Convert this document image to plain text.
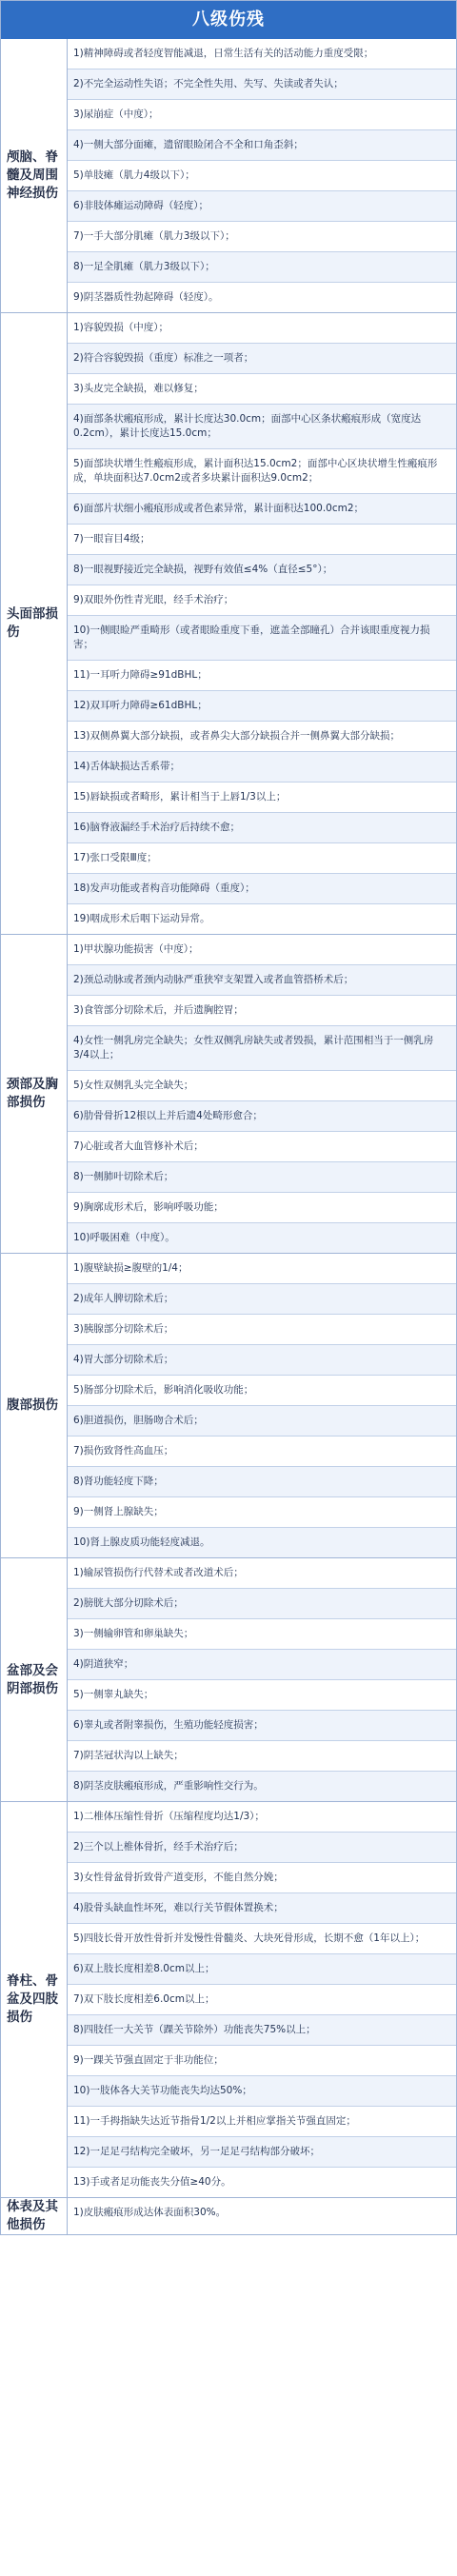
八级伤残
颅脑、脊髓及周围神经损伤
1)精神障碍或者轻度智能减退，日常生活有关的活动能力重度受限；
2)不完全运动性失语；不完全性失用、失写、失读或者失认；
3)尿崩症（中度）；
4)一侧大部分面瘫，遗留眼睑闭合不全和口角歪斜；
5)单肢瘫（肌力4级以下）；
6)非肢体瘫运动障碍（轻度）；
7)一手大部分肌瘫（肌力3级以下）；
8)一足全肌瘫（肌力3级以下）；
9)阴茎器质性勃起障碍（轻度）。
头面部损伤
1)容貌毁损（中度）；
2)符合容貌毁损（重度）标准之一项者；
3)头皮完全缺损，难以修复；
4)面部条状瘢痕形成，累计长度达30.0cm；面部中心区条状瘢痕形成（宽度达0.2cm），累计长度达15.0cm；
5)面部块状增生性瘢痕形成，累计面积达15.0cm2；面部中心区块状增生性瘢痕形成，单块面积达7.0cm2或者多块累计面积达9.0cm2；
6)面部片状细小瘢痕形成或者色素异常，累计面积达100.0cm2；
7)一眼盲目4级；
8)一眼视野接近完全缺损，视野有效值≤4%（直径≤5°）；
9)双眼外伤性青光眼，经手术治疗；
10)一侧眼睑严重畸形（或者眼睑重度下垂，遮盖全部瞳孔）合并该眼重度视力损害；
11)一耳听力障碍≥91dBHL；
12)双耳听力障碍≥61dBHL；
13)双侧鼻翼大部分缺损，或者鼻尖大部分缺损合并一侧鼻翼大部分缺损；
14)舌体缺损达舌系带；
15)唇缺损或者畸形，累计相当于上唇1/3以上；
16)脑脊液漏经手术治疗后持续不愈；
17)张口受限Ⅲ度；
18)发声功能或者构音功能障碍（重度）；
19)咽成形术后咽下运动异常。
颈部及胸部损伤
1)甲状腺功能损害（中度）；
2)颈总动脉或者颈内动脉严重狭窄支架置入或者血管搭桥术后；
3)食管部分切除术后，并后遗胸腔胃；
4)女性一侧乳房完全缺失；女性双侧乳房缺失或者毁损，累计范围相当于一侧乳房3/4以上；
5)女性双侧乳头完全缺失；
6)肋骨骨折12根以上并后遗4处畸形愈合；
7)心脏或者大血管修补术后；
8)一侧肺叶切除术后；
9)胸廓成形术后，影响呼吸功能；
10)呼吸困难（中度）。
腹部损伤
1)腹壁缺损≥腹壁的1/4；
2)成年人脾切除术后；
3)胰腺部分切除术后；
4)胃大部分切除术后；
5)肠部分切除术后，影响消化吸收功能；
6)胆道损伤，胆肠吻合术后；
7)损伤致肾性高血压；
8)肾功能轻度下降；
9)一侧肾上腺缺失；
10)肾上腺皮质功能轻度减退。
盆部及会阴部损伤
1)输尿管损伤行代替术或者改道术后；
2)膀胱大部分切除术后；
3)一侧输卵管和卵巢缺失；
4)阴道狭窄；
5)一侧睾丸缺失；
6)睾丸或者附睾损伤，生殖功能轻度损害；
7)阴茎冠状沟以上缺失；
8)阴茎皮肤瘢痕形成，严重影响性交行为。
脊柱、骨盆及四肢损伤
1)二椎体压缩性骨折（压缩程度均达1/3）；
2)三个以上椎体骨折，经手术治疗后；
3)女性骨盆骨折致骨产道变形，不能自然分娩；
4)股骨头缺血性坏死，难以行关节假体置换术；
5)四肢长骨开放性骨折并发慢性骨髓炎、大块死骨形成，长期不愈（1年以上）；
6)双上肢长度相差8.0cm以上；
7)双下肢长度相差6.0cm以上；
8)四肢任一大关节（踝关节除外）功能丧失75%以上；
9)一踝关节强直固定于非功能位；
10)一肢体各大关节功能丧失均达50%；
11)一手拇指缺失达近节指骨1/2以上并相应掌指关节强直固定；
12)一足足弓结构完全破坏，另一足足弓结构部分破坏；
13)手或者足功能丧失分值≥40分。
体表及其他损伤
1)皮肤瘢痕形成达体表面积30%。
